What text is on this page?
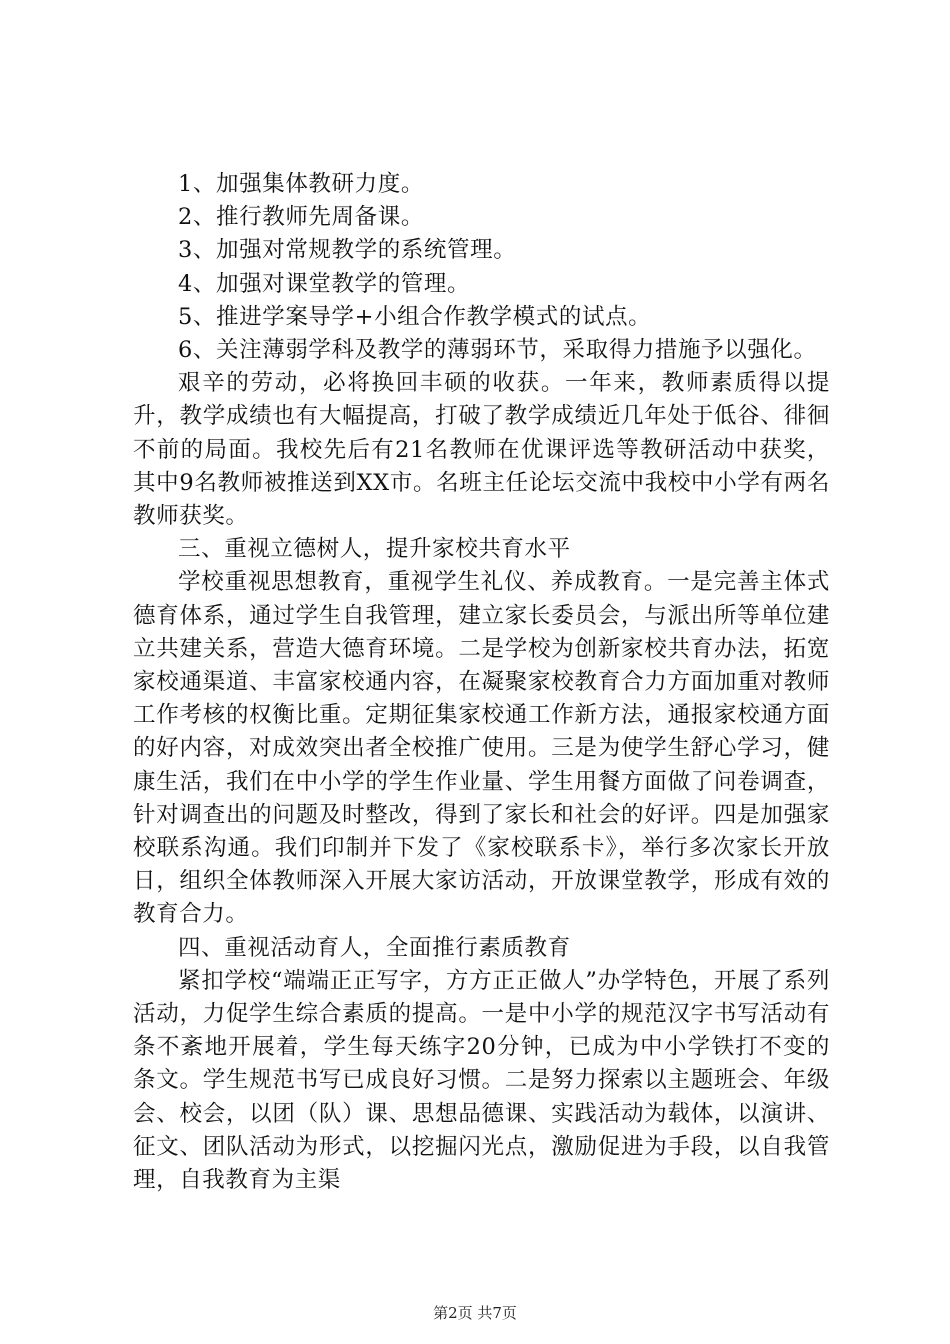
1、加强集体教研力度。

2、推行教师先周备课。

3、加强对常规教学的系统管理。

4、加强对课堂教学的管理。

5、推进学案导学+小组合作教学模式的试点。

6、关注薄弱学科及教学的薄弱环节，采取得力措施予以强化。

艰辛的劳动，必将换回丰硕的收获。一年来，教师素质得以提升，教学成绩也有大幅提高，打破了教学成绩近几年处于低谷、徘徊不前的局面。我校先后有21名教师在优课评选等教研活动中获奖，其中9名教师被推送到XX市。名班主任论坛交流中我校中小学有两名教师获奖。

三、重视立德树人，提升家校共育水平

学校重视思想教育，重视学生礼仪、养成教育。一是完善主体式德育体系，通过学生自我管理，建立家长委员会，与派出所等单位建立共建关系，营造大德育环境。二是学校为创新家校共育办法，拓宽家校通渠道、丰富家校通内容，在凝聚家校教育合力方面加重对教师工作考核的权衡比重。定期征集家校通工作新方法，通报家校通方面的好内容，对成效突出者全校推广使用。三是为使学生舒心学习，健康生活，我们在中小学的学生作业量、学生用餐方面做了问卷调查，针对调查出的问题及时整改，得到了家长和社会的好评。四是加强家校联系沟通。我们印制并下发了《家校联系卡》，举行多次家长开放日，组织全体教师深入开展大家访活动，开放课堂教学，形成有效的教育合力。

四、重视活动育人，全面推行素质教育

紧扣学校“端端正正写字，方方正正做人”办学特色，开展了系列活动，力促学生综合素质的提高。一是中小学的规范汉字书写活动有条不紊地开展着，学生每天练字20分钟，已成为中小学铁打不变的条文。学生规范书写已成良好习惯。二是努力探索以主题班会、年级会、校会，以团（队）课、思想品德课、实践活动为载体，以演讲、征文、团队活动为形式，以挖掘闪光点，激励促进为手段，以自我管理，自我教育为主渠

第2页 共7页
